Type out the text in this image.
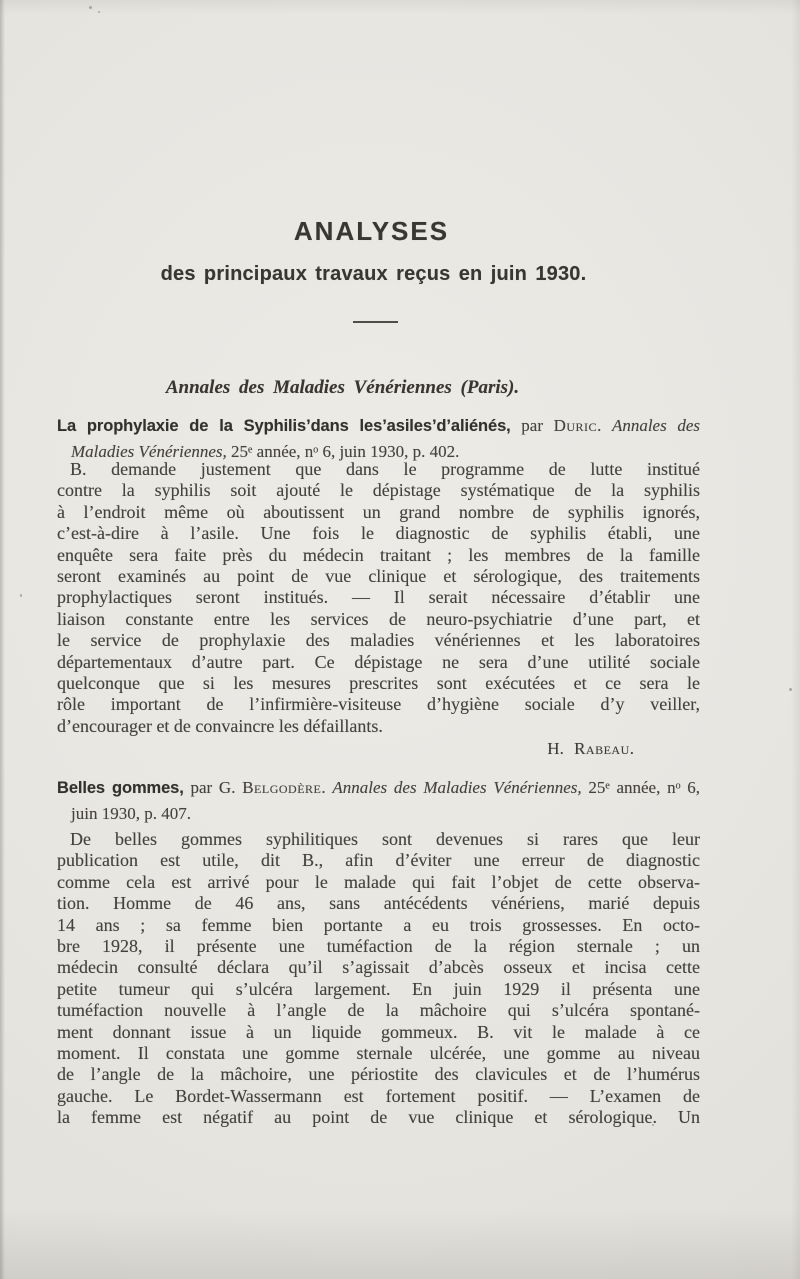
ANALYSES
des principaux travaux reçus en juin 1930.
Annales des Maladies Vénériennes (Paris).

La prophylaxie de la Syphilis’dans les’asiles’d’aliénés, par Duric. Annales des Maladies Vénériennes, 25ᵉ année, nᵒ 6, juin 1930, p. 402.

B. demande justement que dans le programme de lutte institué
contre la syphilis soit ajouté le dépistage systématique de la syphilis
à l’endroit même où aboutissent un grand nombre de syphilis ignorés,
c’est-à-dire à l’asile. Une fois le diagnostic de syphilis établi, une
enquête sera faite près du médecin traitant ; les membres de la famille
seront examinés au point de vue clinique et sérologique, des traitements
prophylactiques seront institués. — Il serait nécessaire d’établir une
liaison constante entre les services de neuro-psychiatrie d’une part, et
le service de prophylaxie des maladies vénériennes et les laboratoires
départementaux d’autre part. Ce dépistage ne sera d’une utilité sociale
quelconque que si les mesures prescrites sont exécutées et ce sera le
rôle important de l’infirmière-visiteuse d’hygiène sociale d’y veiller,
d’encourager et de convaincre les défaillants.

H. Rabeau.

Belles gommes, par G. Belgodère. Annales des Maladies Vénériennes, 25ᵉ année, nᵒ 6, juin 1930, p. 407.

De belles gommes syphilitiques sont devenues si rares que leur
publication est utile, dit B., afin d’éviter une erreur de diagnostic
comme cela est arrivé pour le malade qui fait l’objet de cette observa-
tion. Homme de 46 ans, sans antécédents vénériens, marié depuis
14 ans ; sa femme bien portante a eu trois grossesses. En octo-
bre 1928, il présente une tuméfaction de la région sternale ; un
médecin consulté déclara qu’il s’agissait d’abcès osseux et incisa cette
petite tumeur qui s’ulcéra largement. En juin 1929 il présenta une
tuméfaction nouvelle à l’angle de la mâchoire qui s’ulcéra spontané-
ment donnant issue à un liquide gommeux. B. vit le malade à ce
moment. Il constata une gomme sternale ulcérée, une gomme au niveau
de l’angle de la mâchoire, une périostite des clavicules et de l’humérus
gauche. Le Bordet-Wassermann est fortement positif. — L’examen de
la femme est négatif au point de vue clinique et sérologique. Un
